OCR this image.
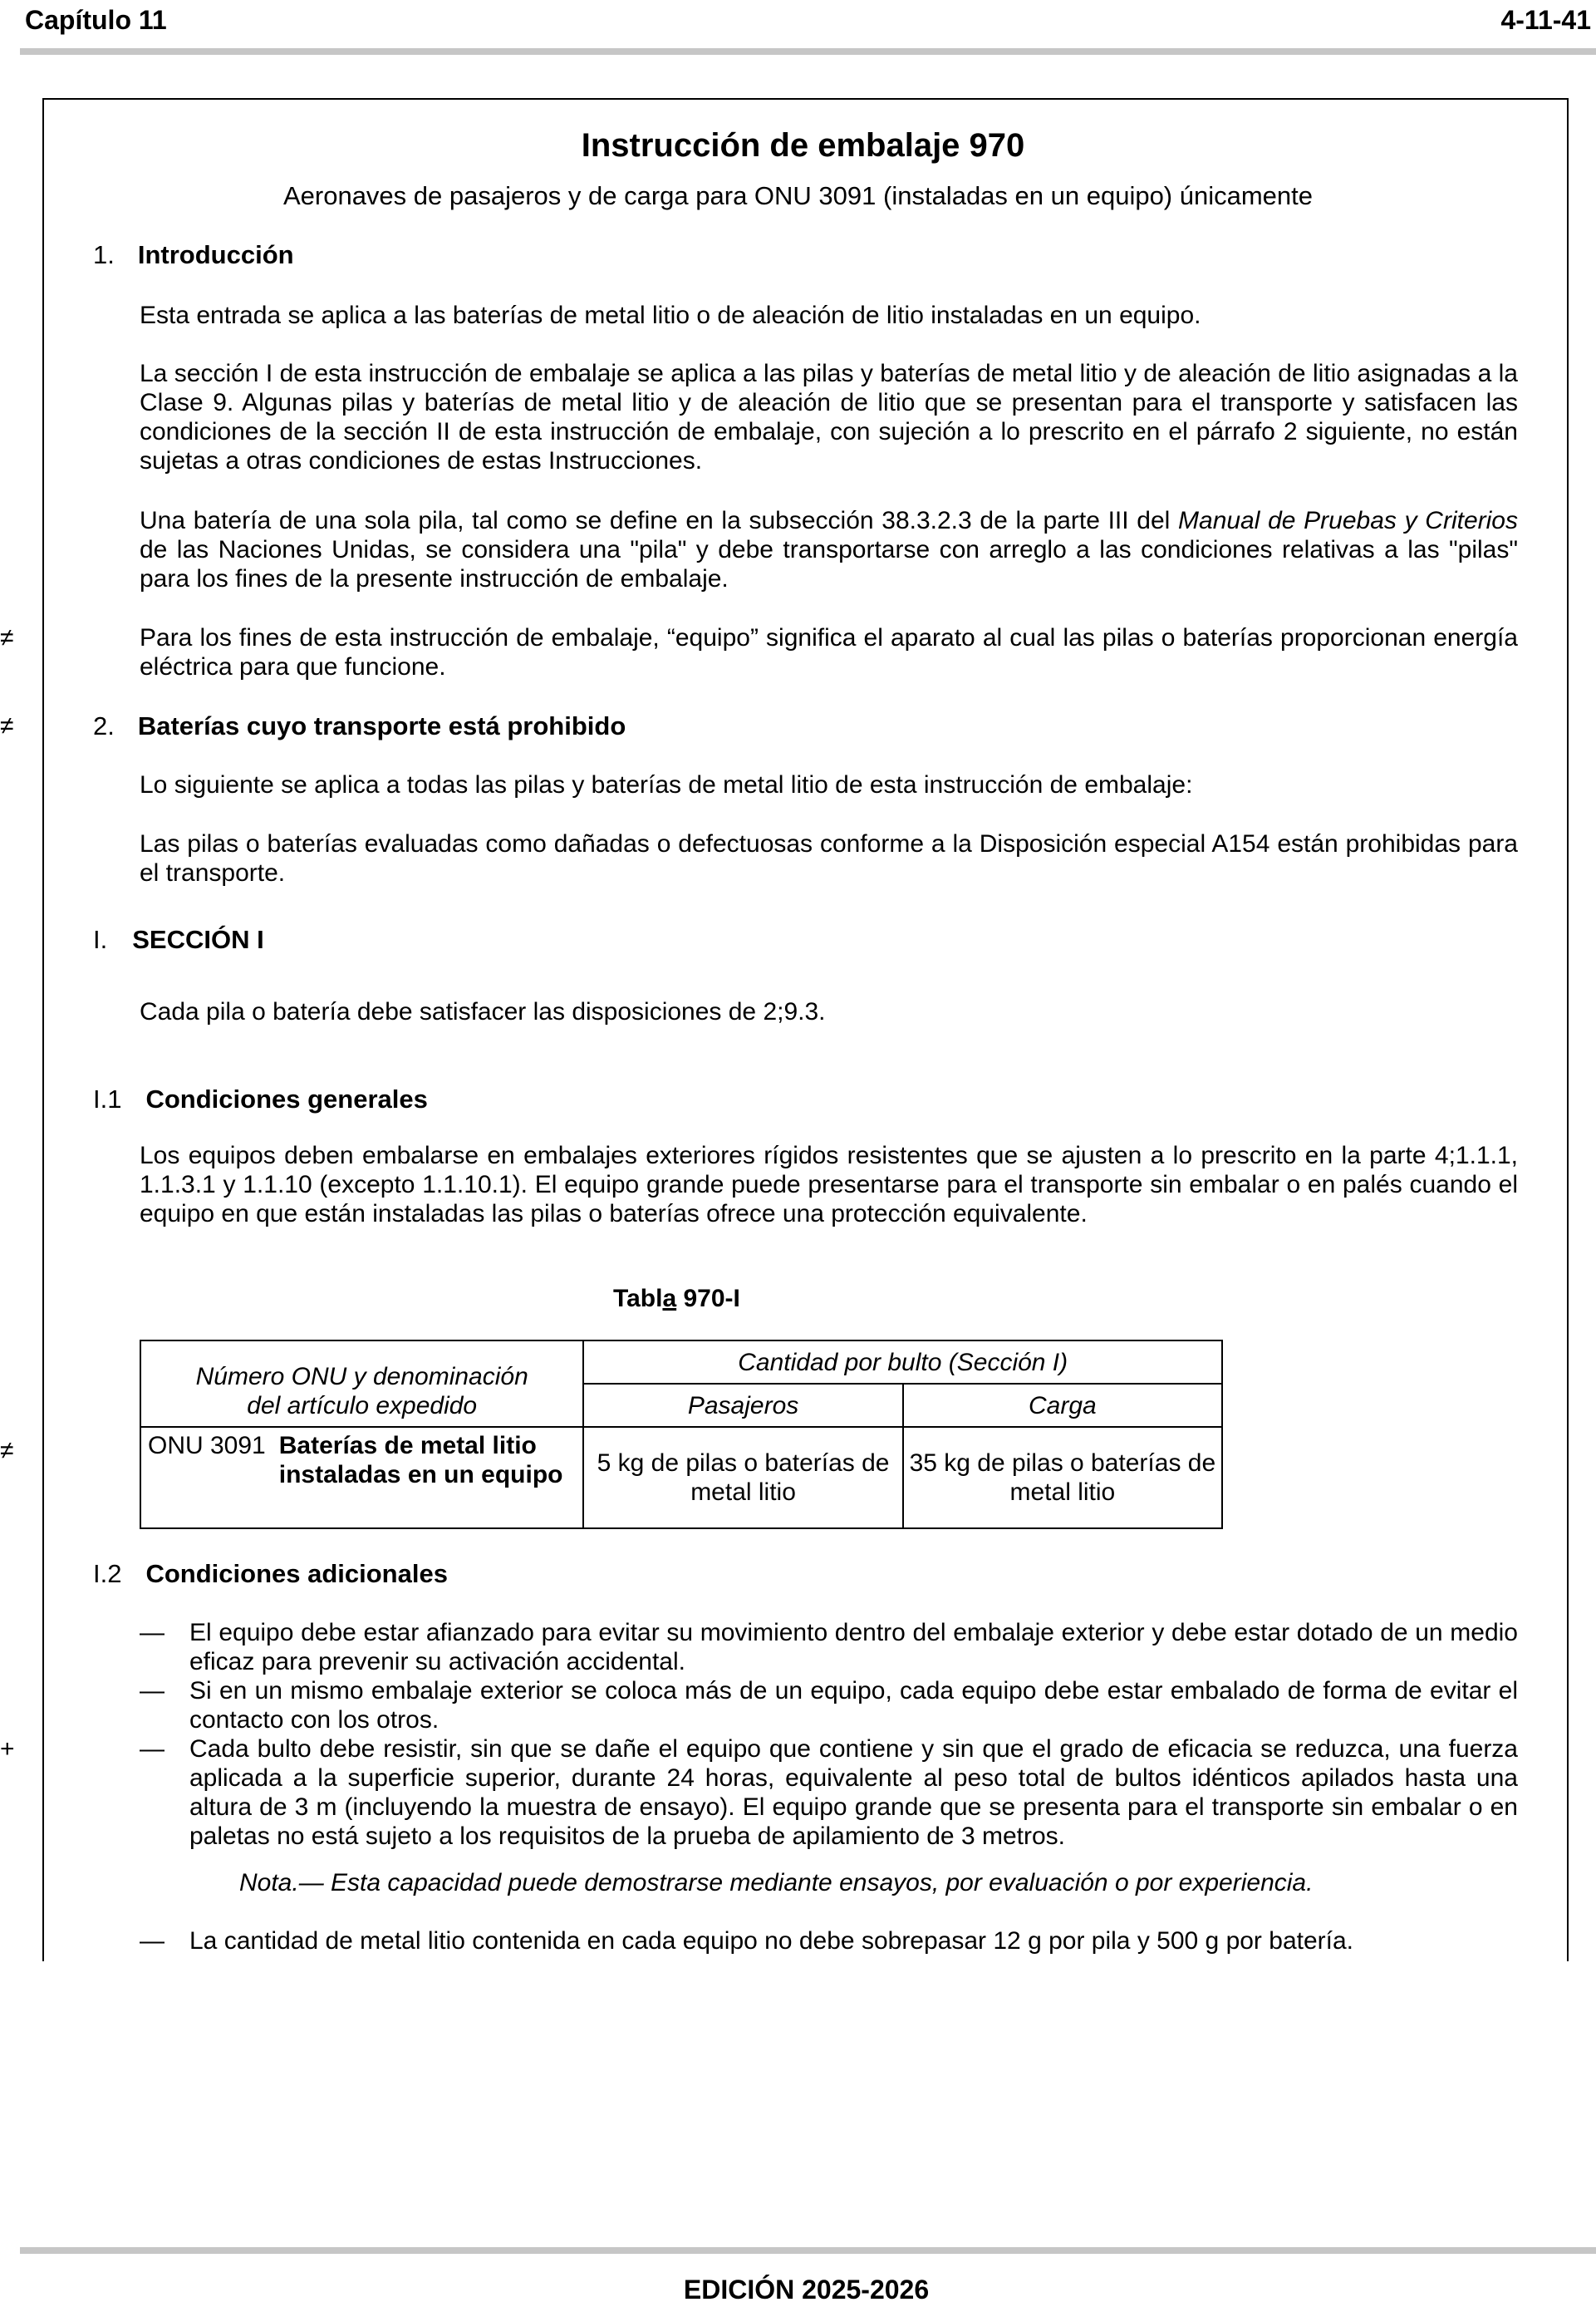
Capítulo 11	4-11-41
Instrucción de embalaje 970
Aeronaves de pasajeros y de carga para ONU 3091 (instaladas en un equipo) únicamente
1. Introducción

Esta entrada se aplica a las baterías de metal litio o de aleación de litio instaladas en un equipo.

La sección I de esta instrucción de embalaje se aplica a las pilas y baterías de metal litio y de aleación de litio asignadas a la Clase 9. Algunas pilas y baterías de metal litio y de aleación de litio que se presentan para el transporte y satisfacen las condiciones de la sección II de esta instrucción de embalaje, con sujeción a lo prescrito en el párrafo 2 siguiente, no están sujetas a otras condiciones de estas Instrucciones.

Una batería de una sola pila, tal como se define en la subsección 38.3.2.3 de la parte III del Manual de Pruebas y Criterios de las Naciones Unidas, se considera una "pila" y debe transportarse con arreglo a las condiciones relativas a las "pilas" para los fines de la presente instrucción de embalaje.

≠	Para los fines de esta instrucción de embalaje, “equipo” significa el aparato al cual las pilas o baterías proporcionan energía eléctrica para que funcione.

≠	2. Baterías cuyo transporte está prohibido

Lo siguiente se aplica a todas las pilas y baterías de metal litio de esta instrucción de embalaje:

Las pilas o baterías evaluadas como dañadas o defectuosas conforme a la Disposición especial A154 están prohibidas para el transporte.

I. SECCIÓN I

Cada pila o batería debe satisfacer las disposiciones de 2;9.3.

I.1 Condiciones generales

Los equipos deben embalarse en embalajes exteriores rígidos resistentes que se ajusten a lo prescrito en la parte 4;1.1.1, 1.1.3.1 y 1.1.10 (excepto 1.1.10.1). El equipo grande puede presentarse para el transporte sin embalar o en palés cuando el equipo en que están instaladas las pilas o baterías ofrece una protección equivalente.

Tabla 970-I
≠
Número ONU y denominación
del artículo expedido	Cantidad por bulto (Sección I)	
	Pasajeros	Carga

ONU 3091 Baterías de metal litio instaladas en un equipo	5 kg de pilas o baterías de metal litio	35 kg de pilas o baterías de metal litio
I.2 Condiciones adicionales
— El equipo debe estar afianzado para evitar su movimiento dentro del embalaje exterior y debe estar dotado de un medio eficaz para prevenir su activación accidental.

— Si en un mismo embalaje exterior se coloca más de un equipo, cada equipo debe estar embalado de forma de evitar el contacto con los otros.

+	— Cada bulto debe resistir, sin que se dañe el equipo que contiene y sin que el grado de eficacia se reduzca, una fuerza aplicada a la superficie superior, durante 24 horas, equivalente al peso total de bultos idénticos apilados hasta una altura de 3 m (incluyendo la muestra de ensayo). El equipo grande que se presenta para el transporte sin embalar o en paletas no está sujeto a los requisitos de la prueba de apilamiento de 3 metros.

Nota.— Esta capacidad puede demostrarse mediante ensayos, por evaluación o por experiencia.
— La cantidad de metal litio contenida en cada equipo no debe sobrepasar 12 g por pila y 500 g por batería.

EDICIÓN 2025-2026
